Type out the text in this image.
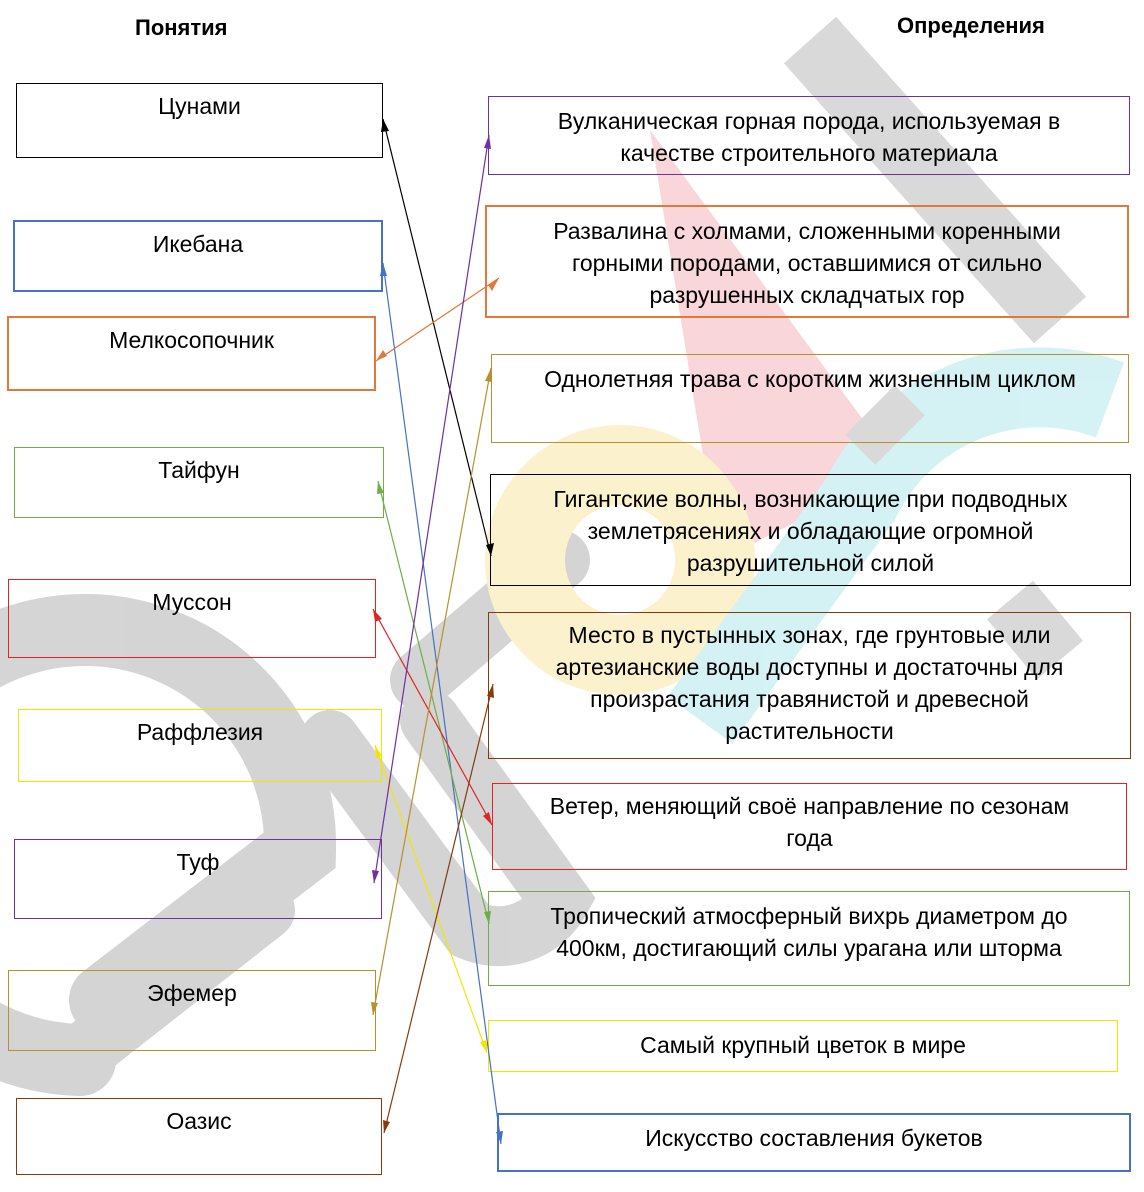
Понятия	Определения
Цунами
Икебана
Мелкосопочник
Тайфун
Муссон
Раффлезия
Туф
Эфемер
Оазис
Вулканическая горная порода, используемая в
качестве строительного материала
Развалина с холмами, сложенными коренными
горными породами, оставшимися от сильно
разрушенных складчатых гор
Однолетняя трава с коротким жизненным циклом
Гигантские волны, возникающие при подводных
землетрясениях и обладающие огромной
разрушительной силой
Место в пустынных зонах, где грунтовые или
артезианские воды доступны и достаточны для
произрастания травянистой и древесной
растительности
Ветер, меняющий своё направление по сезонам
года
Тропический атмосферный вихрь диаметром до
400км, достигающий силы урагана или шторма
Самый крупный цветок в мире
Искусство составления букетов
